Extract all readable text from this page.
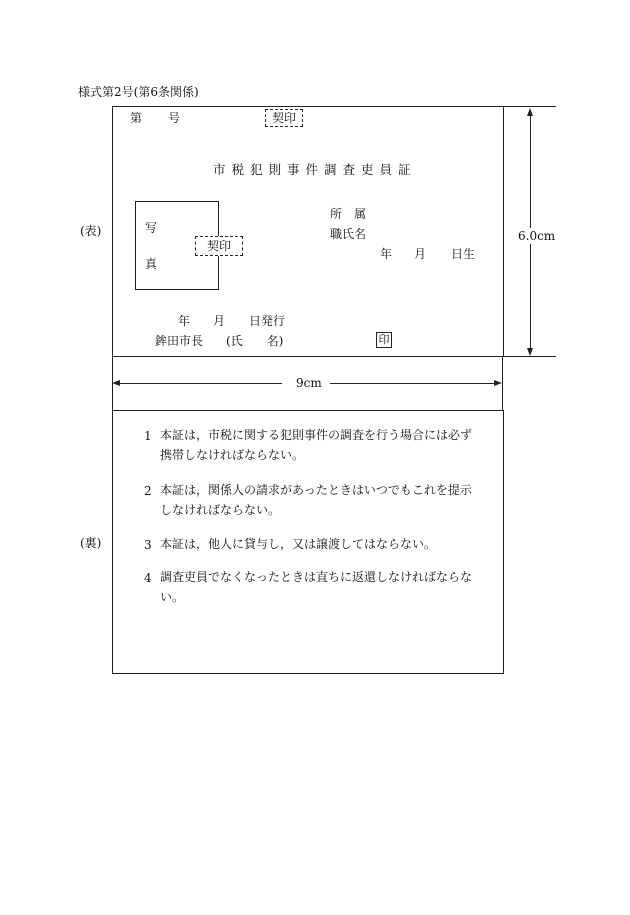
様式第2号(第6条関係)
(表)
第 号	契印
市税犯則事件調査吏員証
写
真
契印
所　属
職氏名
年 月 日生
年 月 日発行
鉾田市長 (氏　　名)	印
6.0cm
9cm
(裏)
1 本証は，市税に関する犯則事件の調査を行う場合には必ず携帯しなければならない。
2 本証は，関係人の請求があったときはいつでもこれを提示しなければならない。
3 本証は，他人に貸与し，又は譲渡してはならない。
4 調査吏員でなくなったときは直ちに返還しなければならない。
